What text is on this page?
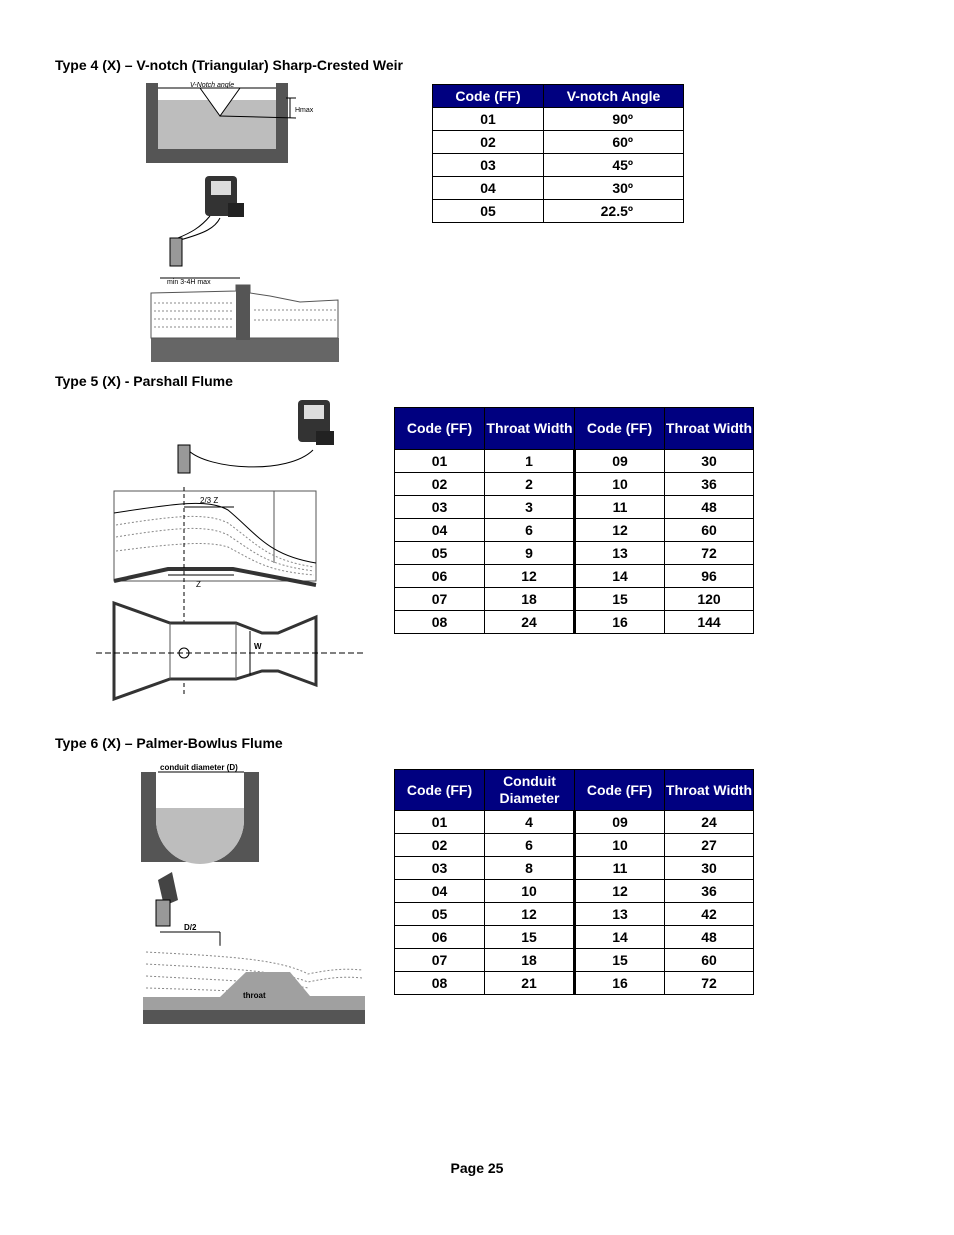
Type 4 (X) – V-notch (Triangular) Sharp-Crested Weir
V-Notch angle
Hmax
min 3-4H max
Code (FF)	V-notch Angle
01	90º
02	60º
03	45º
04	30º
05	22.5º
Type 5 (X) - Parshall Flume
2/3 Z
Z
W
Code (FF)	Throat Width	Code (FF)	Throat Width
01	1	09	30
02	2	10	36
03	3	11	48
04	6	12	60
05	9	13	72
06	12	14	96
07	18	15	120
08	24	16	144
Type 6 (X) – Palmer-Bowlus Flume
conduit diameter (D)
D/2
throat
Code (FF)	Conduit Diameter	Code (FF)	Throat Width
01	4	09	24
02	6	10	27
03	8	11	30
04	10	12	36
05	12	13	42
06	15	14	48
07	18	15	60
08	21	16	72
Page 25
